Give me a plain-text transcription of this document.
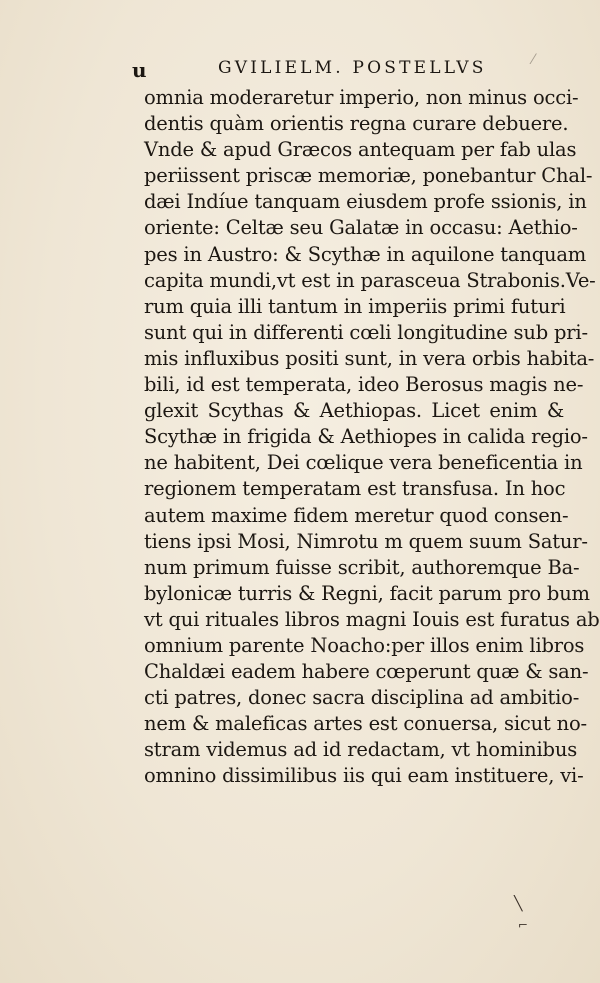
u	GVILIELM. POSTELLVS	⁄
omnia moderaretur imperio, non minus occi-
dentis quàm orientis regna curare debuere.
Vnde & apud Græcos antequam per fab ulas
periissent priscæ memoriæ, ponebantur Chal-
dæi Indíue tanquam eiusdem profe ssionis, in
oriente: Celtæ seu Galatæ in occasu: Aethio-
pes in Austro: & Scythæ in aquilone tanquam
capita mundi,vt est in parasceua Strabonis.Ve-
rum quia illi tantum in imperiis primi futuri
sunt qui in differenti cœli longitudine sub pri-
mis influxibus positi sunt, in vera orbis habita-
bili, id est temperata, ideo Berosus magis ne-
glexit Scythas & Aethiopas. Licet enim &
Scythæ in frigida & Aethiopes in calida regio-
ne habitent, Dei cœlique vera beneficentia in
regionem temperatam est transfusa. In hoc
autem maxime fidem meretur quod consen-
tiens ipsi Mosi, Nimrotu m quem suum Satur-
num primum fuisse scribit, authoremque Ba-
bylonicæ turris & Regni, facit parum pro bum
vt qui rituales libros magni Iouis est furatus ab
omnium parente Noacho:per illos enim libros
Chaldæi eadem habere cœperunt quæ & san-
cti patres, donec sacra disciplina ad ambitio-
nem & maleficas artes est conuersa, sicut no-
stram videmus ad id redactam, vt hominibus
omnino dissimilibus iis qui eam instituere, vi-
╲
⌐
